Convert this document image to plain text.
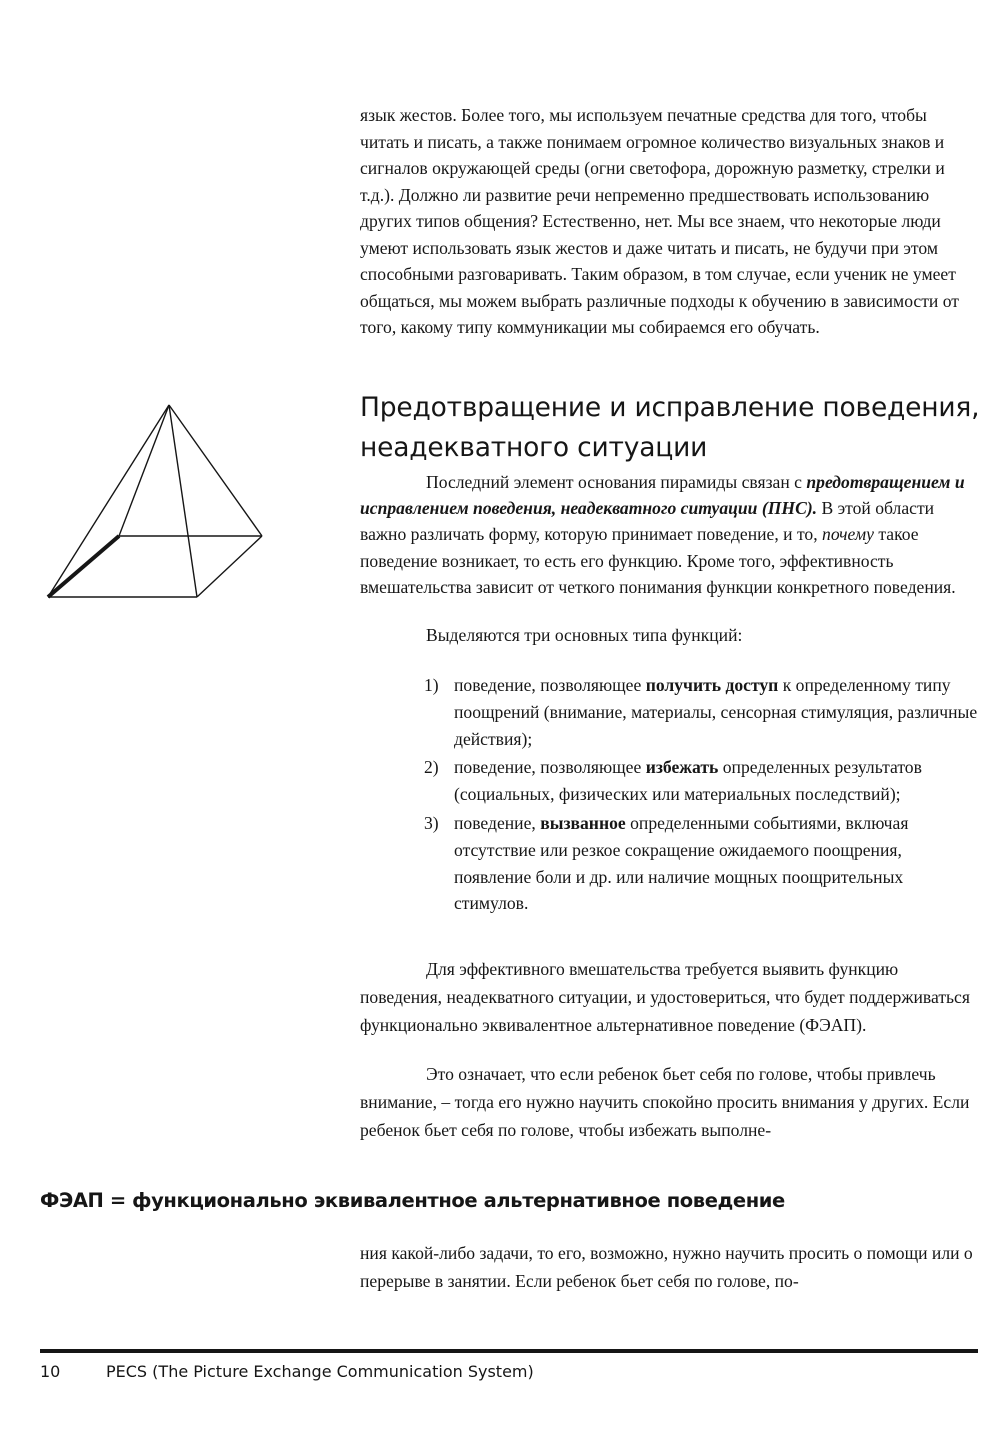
язык жестов. Более того, мы используем печатные средства для того, чтобы читать и писать, а также понимаем огромное количество визуальных знаков и сигналов окружающей среды (огни светофора, дорожную разметку, стрелки и т.д.). Должно ли развитие речи непременно предшествовать использованию других типов общения? Естественно, нет. Мы все знаем, что некоторые люди умеют использовать язык жестов и даже читать и писать, не будучи при этом способными разговаривать. Таким образом, в том случае, если ученик не умеет общаться, мы можем выбрать различные подходы к обучению в зависимости от того, какому типу коммуникации мы собираемся его обучать.

Предотвращение и исправление поведения, неадекватного ситуации

Последний элемент основания пирамиды связан с предотвращением и исправлением поведения, неадекватного ситуации (ПНС). В этой области важно различать форму, которую принимает поведение, и то, почему такое поведение возникает, то есть его функцию. Кроме того, эффективность вмешательства зависит от четкого понимания функции конкретного поведения.

Выделяются три основных типа функций:

1) поведение, позволяющее получить доступ к определенному типу поощрений (внимание, материалы, сенсорная стимуляция, различные действия);
2) поведение, позволяющее избежать определенных результатов (социальных, физических или материальных последствий);
3) поведение, вызванное определенными событиями, включая отсутствие или резкое сокращение ожидаемого поощрения, появление боли и др. или наличие мощных поощрительных стимулов.

Для эффективного вмешательства требуется выявить функцию поведения, неадекватного ситуации, и удостовериться, что будет поддерживаться функционально эквивалентное альтернативное поведение (ФЭАП).

Это означает, что если ребенок бьет себя по голове, чтобы привлечь внимание, – тогда его нужно научить спокойно просить внимания у других. Если ребенок бьет себя по голове, чтобы избежать выполне-

ФЭАП = функционально эквивалентное альтернативное поведение

ния какой-либо задачи, то его, возможно, нужно научить просить о помощи или о перерыве в занятии. Если ребенок бьет себя по голове, по-

10	PECS (The Picture Exchange Communication System)
